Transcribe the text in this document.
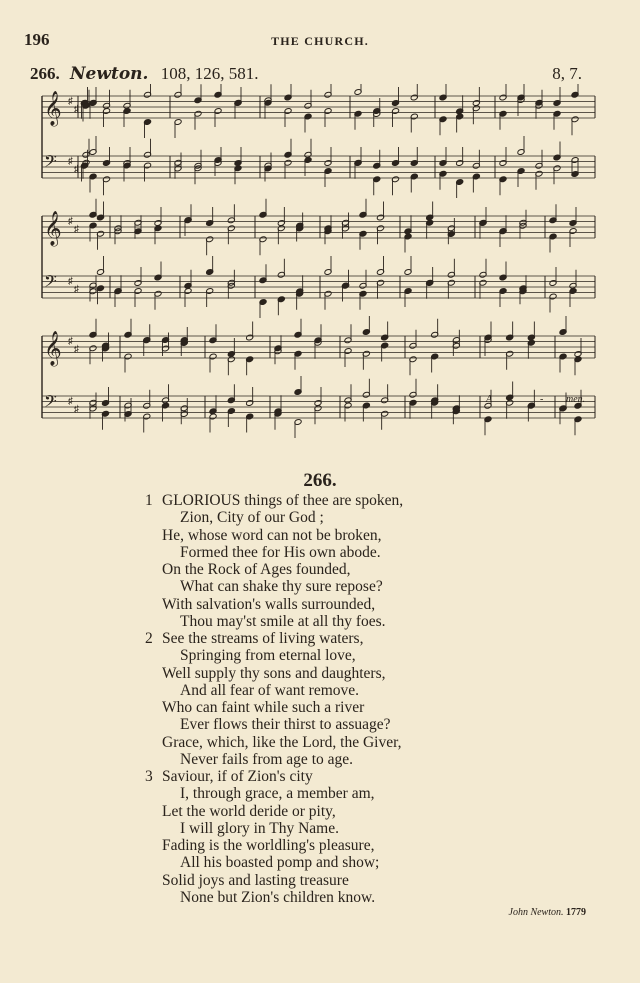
196	THE CHURCH.
266. Newton. 108, 126, 581.	8, 7.
𝄞 ♯
♯
𝄢 ♯
♯
𝄞 ♯
♯
𝄢 ♯
♯
𝄞 ♯
♯
𝄢 ♯
♯
A	- men.
266.
1 GLORIOUS things of thee are spoken,
Zion, City of our God ;
He, whose word can not be broken,
Formed thee for His own abode.
On the Rock of Ages founded,
What can shake thy sure repose?
With salvation's walls surrounded,
Thou may'st smile at all thy foes.
2 See the streams of living waters,
Springing from eternal love,
Well supply thy sons and daughters,
And all fear of want remove.
Who can faint while such a river
Ever flows their thirst to assuage?
Grace, which, like the Lord, the Giver,
Never fails from age to age.
3 Saviour, if of Zion's city
I, through grace, a member am,
Let the world deride or pity,
I will glory in Thy Name.
Fading is the worldling's pleasure,
All his boasted pomp and show;
Solid joys and lasting treasure
None but Zion's children know.
John Newton. 1779
